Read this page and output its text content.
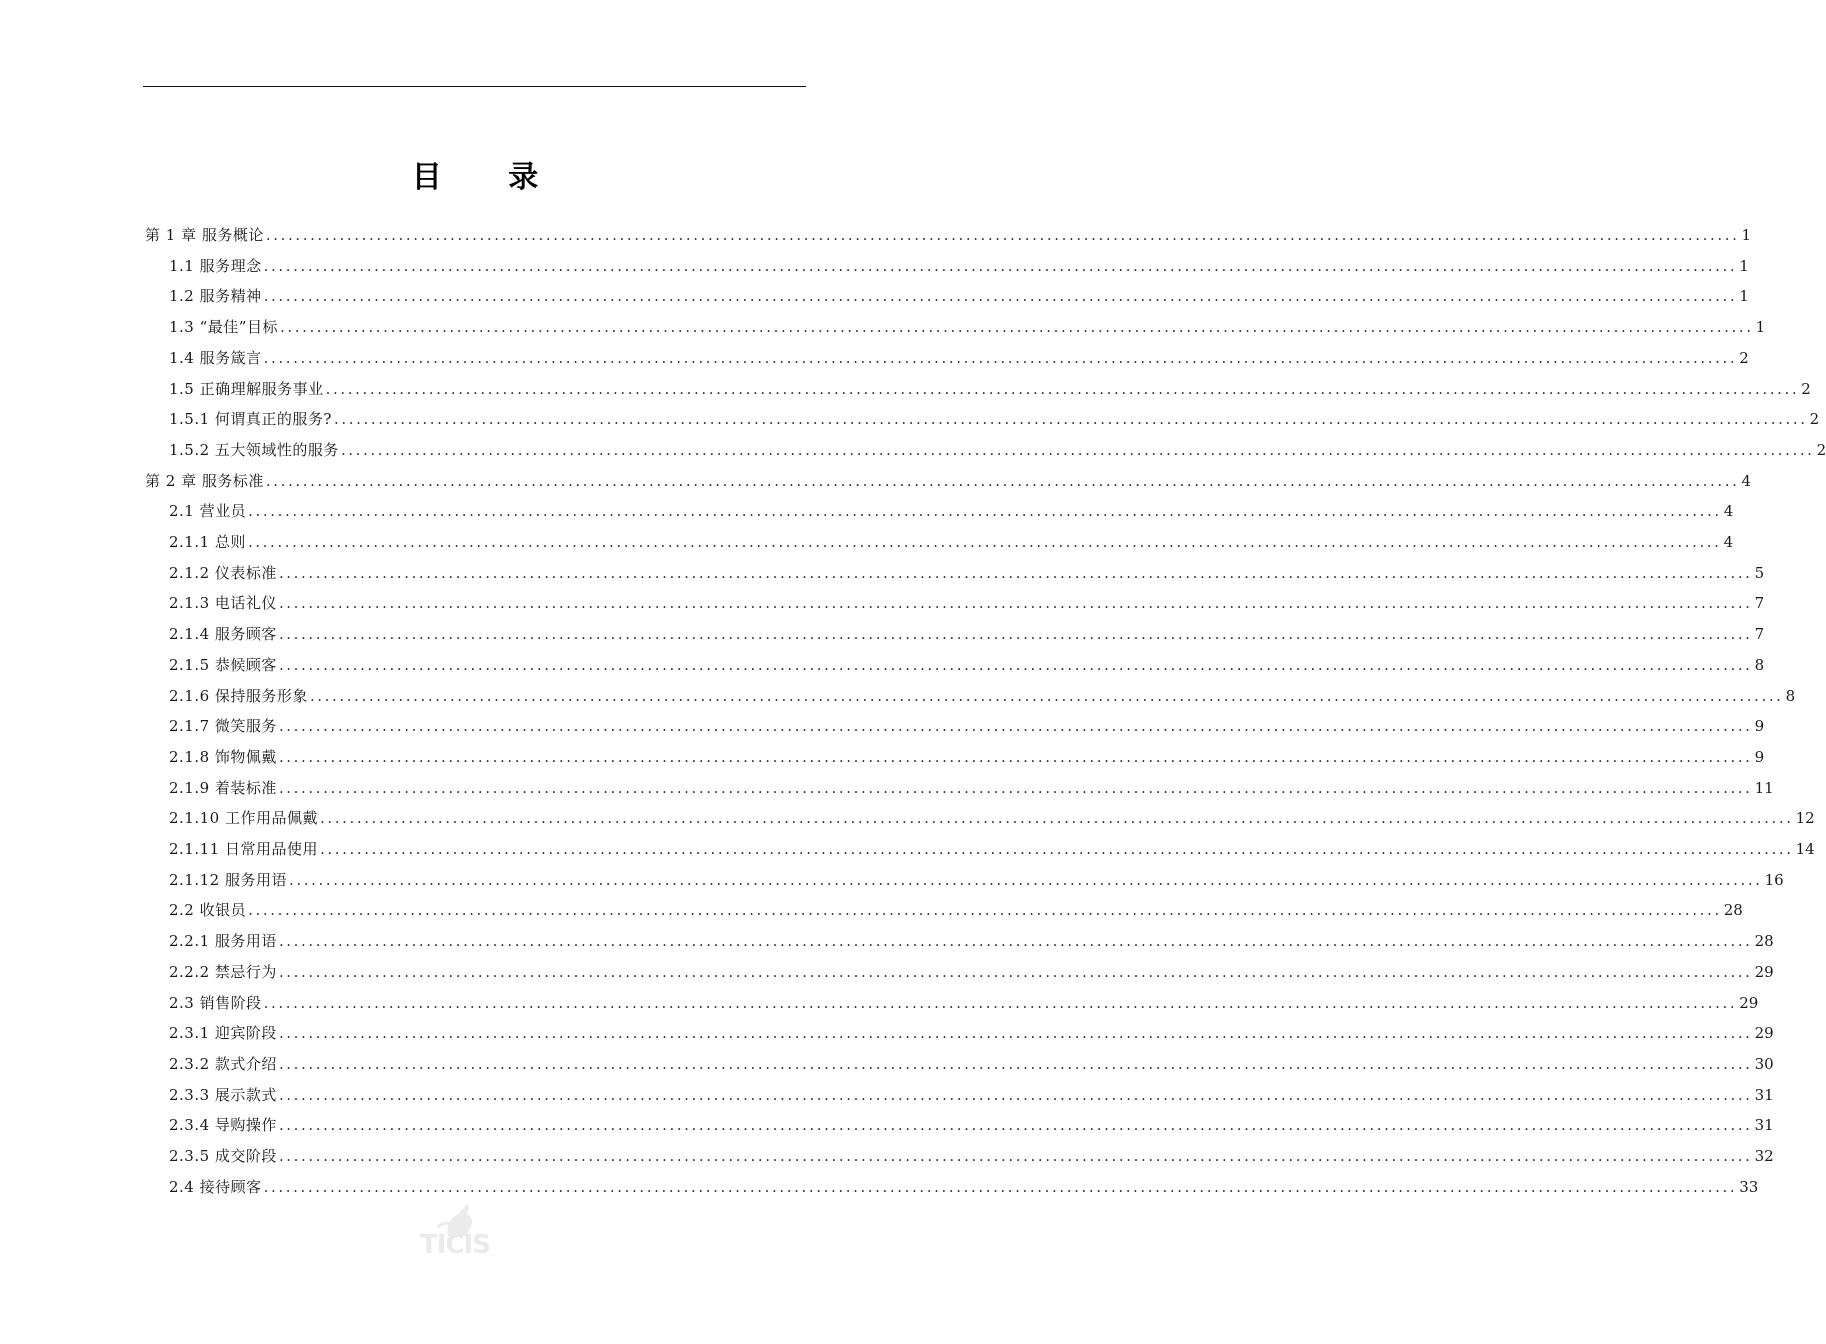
目 录
第 1 章 服务概论 ........................................................................................................................................................................................................ 1
1.1 服务理念 ........................................................................................................................................................................................................ 1
1.2 服务精神 ........................................................................................................................................................................................................ 1
1.3 “最佳”目标 ........................................................................................................................................................................................................ 1
1.4 服务箴言 ........................................................................................................................................................................................................ 2
1.5 正确理解服务事业 ........................................................................................................................................................................................................ 2
1.5.1 何谓真正的服务? ........................................................................................................................................................................................................ 2
1.5.2 五大领域性的服务 ........................................................................................................................................................................................................ 2
第 2 章 服务标准 ........................................................................................................................................................................................................ 4
2.1 营业员 ........................................................................................................................................................................................................ 4
2.1.1 总则 ........................................................................................................................................................................................................ 4
2.1.2 仪表标准 ........................................................................................................................................................................................................ 5
2.1.3 电话礼仪 ........................................................................................................................................................................................................ 7
2.1.4 服务顾客 ........................................................................................................................................................................................................ 7
2.1.5 恭候顾客 ........................................................................................................................................................................................................ 8
2.1.6 保持服务形象 ........................................................................................................................................................................................................ 8
2.1.7 微笑服务 ........................................................................................................................................................................................................ 9
2.1.8 饰物佩戴 ........................................................................................................................................................................................................ 9
2.1.9 着装标准 ........................................................................................................................................................................................................ 11
2.1.10 工作用品佩戴 ........................................................................................................................................................................................................ 12
2.1.11 日常用品使用 ........................................................................................................................................................................................................ 14
2.1.12 服务用语 ........................................................................................................................................................................................................ 16
2.2 收银员 ........................................................................................................................................................................................................ 28
2.2.1 服务用语 ........................................................................................................................................................................................................ 28
2.2.2 禁忌行为 ........................................................................................................................................................................................................ 29
2.3 销售阶段 ........................................................................................................................................................................................................ 29
2.3.1 迎宾阶段 ........................................................................................................................................................................................................ 29
2.3.2 款式介绍 ........................................................................................................................................................................................................ 30
2.3.3 展示款式 ........................................................................................................................................................................................................ 31
2.3.4 导购操作 ........................................................................................................................................................................................................ 31
2.3.5 成交阶段 ........................................................................................................................................................................................................ 32
2.4 接待顾客 ........................................................................................................................................................................................................ 33
TICIS
